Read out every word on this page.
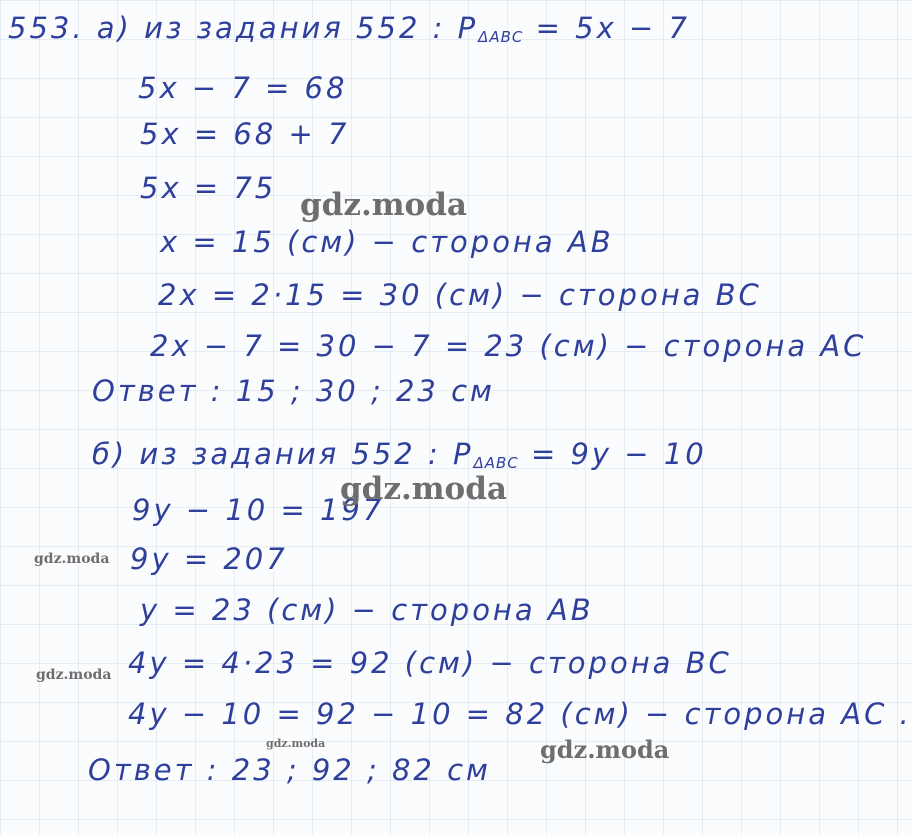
553. а) из задания 552 : $P_{\Delta ABC} = 5x - 7$
5x − 7 = 68
5x = 68 + 7
5x = 75
x = 15 (см) − сторона AB
2x = 2·15 = 30 (см) − сторона BC
2x − 7 = 30 − 7 = 23 (см) − сторона AC
Ответ : 15 ; 30 ; 23 см
б) из задания 552 : $P_{\Delta ABC} = 9y - 10$
9y − 10 = 197
9y = 207
y = 23 (см) − сторона AB
4y = 4·23 = 92 (см) − сторона BC
4y − 10 = 92 − 10 = 82 (см) − сторона AC .
Ответ : 23 ; 92 ; 82 см
gdz.moda
gdz.moda
gdz.moda
gdz.moda
gdz.moda	gdz.moda
